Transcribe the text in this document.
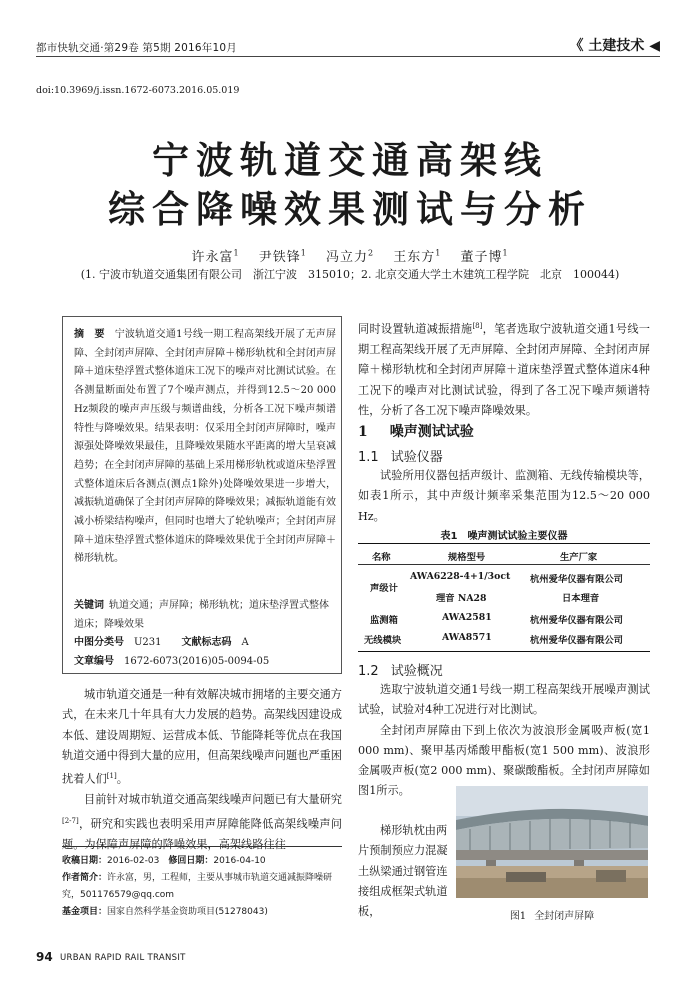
都市快轨交通·第29卷 第5期 2016年10月	《 土建技术 ◀
doi:10.3969/j.issn.1672-6073.2016.05.019
宁波轨道交通高架线
综合降噪效果测试与分析
许永富$^1$ 尹铁锋$^1$ 冯立力$^2$ 王东方$^1$ 董子博$^1$
(1. 宁波市轨道交通集团有限公司　浙江宁波　315010；2. 北京交通大学土木建筑工程学院　北京　100044)
摘　要 宁波轨道交通1号线一期工程高架线开展了无声屏障、全封闭声屏障、全封闭声屏障＋梯形轨枕和全封闭声屏障＋道床垫浮置式整体道床工况下的噪声对比测试试验。在各测量断面处布置了7个噪声测点，并得到12.5～20 000 Hz频段的噪声声压级与频谱曲线，分析各工况下噪声频谱特性与降噪效果。结果表明：仅采用全封闭声屏障时，噪声源强处降噪效果最佳，且降噪效果随水平距离的增大呈衰减趋势；在全封闭声屏障的基础上采用梯形轨枕或道床垫浮置式整体道床后各测点(测点1除外)处降噪效果进一步增大，减振轨道确保了全封闭声屏障的降噪效果；减振轨道能有效减小桥梁结构噪声，但同时也增大了轮轨噪声；全封闭声屏障＋道床垫浮置式整体道床的降噪效果优于全封闭声屏障＋梯形轨枕。
关键词  轨道交通；声屏障；梯形轨枕；道床垫浮置式整体道床；降噪效果
中图分类号   U231   文献标志码   A
文章编号   1672-6073(2016)05-0094-05

城市轨道交通是一种有效解决城市拥堵的主要交通方式，在未来几十年具有大力发展的趋势。高架线因建设成本低、建设周期短、运营成本低、节能降耗等优点在我国轨道交通中得到大量的应用，但高架线噪声问题也严重困扰着人们[1]。

目前针对城市轨道交通高架线噪声问题已有大量研究[2-7]，研究和实践也表明采用声屏障能降低高架线噪声问题。为保障声屏障的降噪效果，高架线路往往

收稿日期：2016-02-03  修回日期：2016-04-10
作者简介：许永富，男，工程师，主要从事城市轨道交通减振降噪研究，501176579@qq.com
基金项目：国家自然科学基金资助项目(51278043)
同时设置轨道减振措施[8]，笔者选取宁波轨道交通1号线一期工程高架线开展了无声屏障、全封闭声屏障、全封闭声屏障＋梯形轨枕和全封闭声屏障＋道床垫浮置式整体道床4种工况下的噪声对比测试试验，得到了各工况下噪声频谱特性，分析了各工况下噪声降噪效果。
1 噪声测试试验
1.1 试验仪器
试验所用仪器包括声级计、监测箱、无线传输模块等，如表1所示，其中声级计频率采集范围为12.5～20 000 Hz。
表1 噪声测试试验主要仪器
名称	规格型号	生产厂家
声级计
AWA6228-4+1/3oct 杭州爱华仪器有限公司
理音 NA28	日本理音
监测箱	AWA2581	杭州爱华仪器有限公司
无线模块	AWA8571	杭州爱华仪器有限公司
1.2 试验概况
选取宁波轨道交通1号线一期工程高架线开展噪声测试试验，试验对4种工况进行对比测试。
全封闭声屏障由下到上依次为波浪形金属吸声板(宽1 000 mm)、聚甲基丙烯酸甲酯板(宽1 500 mm)、波浪形金属吸声板(宽2 000 mm)、聚碳酸酯板。全封闭声屏障如图1所示。
梯形轨枕由两片预制预应力混凝土纵梁通过钢管连接组成框架式轨道板，	图1 全封闭声屏障
94 URBAN RAPID RAIL TRANSIT
